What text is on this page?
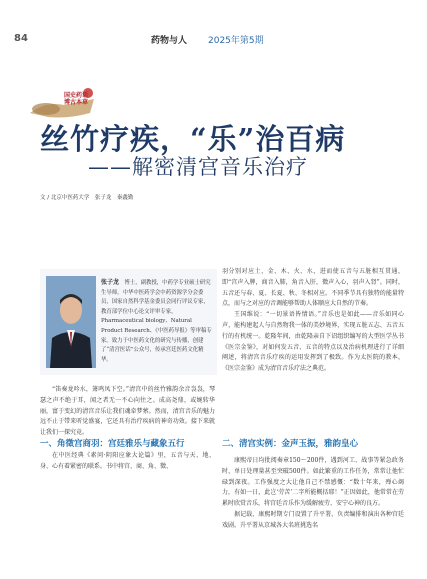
84	药物与人 2025年第5期
国史药话
博古本草
丝竹疗疾，“乐”治百病
——解密清宫音乐治疗
文 / 北京中医药大学　张子龙　秦鑫勤
张子龙　 博士，副教授，中药学专业硕士研究生导师。中华中医药学会中药资源学分会委员，国家自然科学基金委员会同行评议专家，教育部学位中心论文评审专家，Pharmaceutical biology、Natural Product Research、《中医药导报》等审稿专家。致力于中医药文化的研究与传播，创建了“清宫医话”公众号，传承宫廷医药文化精华。

“笛奏龙吟水，箫鸣凤下空。”清宫中的丝竹雅韵余音袅袅，琴瑟之声不绝于耳，闻之者无一不心向往之。成高尧鼎，或婉转华丽，富于变幻的清宫音乐让我们魂牵梦萦。然而，清宫音乐的魅力远不止于带来听觉盛宴，它还具有治疗疾病的神奇功效。接下来就让我们一探究竟。

一、角徵宫商羽：宫廷雅乐与藏象五行

在中医经典《素问·阴阳应象大论篇》里，五音与天、地、身、心有着紧密的联系。书中将宫、商、角、徵、

羽分别对应土、金、木、火、水，进而使五音与五脏相互贯通，即“宫声入脾，商音入肺，角音入肝，徵声入心，羽声入肾”。同时，五音还与春、夏、长夏、秋、冬相对应。不同季节具有独特的能量特点，而与之对应的音调能够帮助人体顺应大自然的节奏。

王国维说：“一切景语皆情语。”音乐也是如此——音乐如同心声，能构建起人与自然物我一体的美妙境界，实现五脏五志、五音五行的有机统一。乾隆年间，由乾隆亲自下诏组织编写的大型医学丛书《医宗金鉴》，对如何发五音、五音的特点以及治病机理进行了详细阐述，将清宫音乐疗疾的运用发挥到了极致。作为太医院的教本，《医宗金鉴》成为清宫音乐疗法之典范。

二、清宫实例：金声玉振，雅韵皇心

康熙帝日均批阅奏章150～200件，遇到河工、战事等紧急政务时，单日处理量甚至突破500件。如此繁重的工作任务，常常让他忙碌到深夜。工作强度之大让他自己不禁感慨：“数十年来，殚心竭力，有如一日，此岂‘劳苦’二字所能概括耶！”正因如此，他常常在劳累时欣赏音乐，将宫廷音乐作为缓解疲劳、安宁心神的良方。

据记载，康熙时期专门设置了升平署，负责编排和演出各种宫廷戏剧。升平署从京城各大名班挑选名
